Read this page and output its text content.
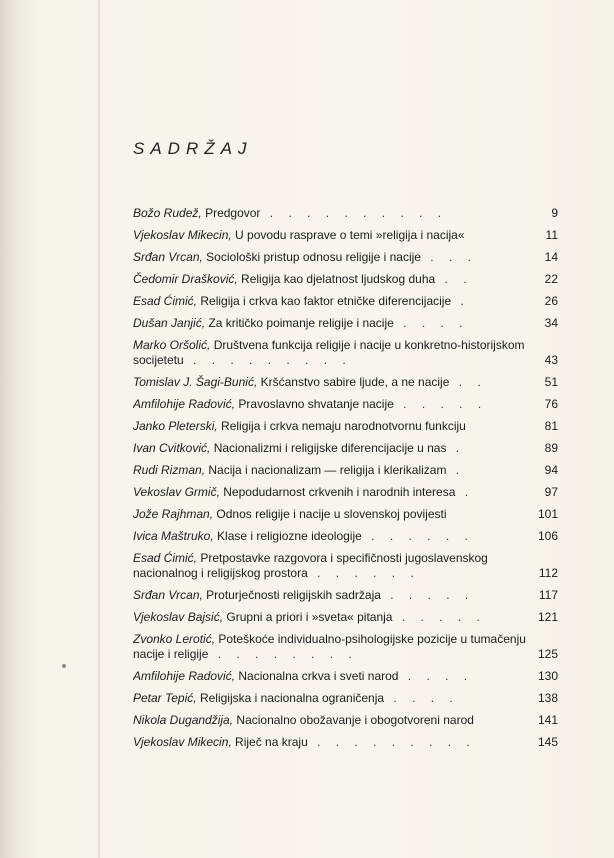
SADRŽAJ
Božo Rudež, Predgovor . . . . . . . . . .	9
Vjekoslav Mikecin, U povodu rasprave o temi »religija i nacija«	11
Srđan Vrcan, Sociološki pristup odnosu religije i nacije . . .	14
Čedomir Drašković, Religija kao djelatnost ljudskog duha . .	22
Esad Ćimić, Religija i crkva kao faktor etničke diferencijacije .	26
Dušan Janjić, Za kritičko poimanje religije i nacije . . . .	34
Marko Oršolić, Društvena funkcija religije i nacije u konkretno-historijskom socijetetu . . . . . . . . .	43
Tomislav J. Šagi-Bunić, Kršćanstvo sabire ljude, a ne nacije . .	51
Amfilohije Radović, Pravoslavno shvatanje nacije . . . . .	76
Janko Pleterski, Religija i crkva nemaju narodnotvornu funkciju	81
Ivan Cvitković, Nacionalizmi i religijske diferencijacije u nas .	89
Rudi Rizman, Nacija i nacionalizam — religija i klerikalizam .	94
Vekoslav Grmič, Nepodudarnost crkvenih i narodnih interesa .	97
Jože Rajhman, Odnos religije i nacije u slovenskoj povijesti	101
Ivica Maštruko, Klase i religiozne ideologije . . . . . .	106
Esad Ćimić, Pretpostavke razgovora i specifičnosti jugoslavenskog nacionalnog i religijskog prostora . . . . . .	112
Srđan Vrcan, Proturječnosti religijskih sadržaja . . . . .	117
Vjekoslav Bajsić, Grupni a priori i »sveta« pitanja . . . . .	121
Zvonko Lerotić, Poteškoće individualno-psihologijske pozicije u tumačenju nacije i religije . . . . . . . .	125
Amfilohije Radović, Nacionalna crkva i sveti narod . . . .	130
Petar Tepić, Religijska i nacionalna ograničenja . . . .	138
Nikola Dugandžija, Nacionalno obožavanje i obogotvoreni narod	141
Vjekoslav Mikecin, Riječ na kraju . . . . . . . . .	145
